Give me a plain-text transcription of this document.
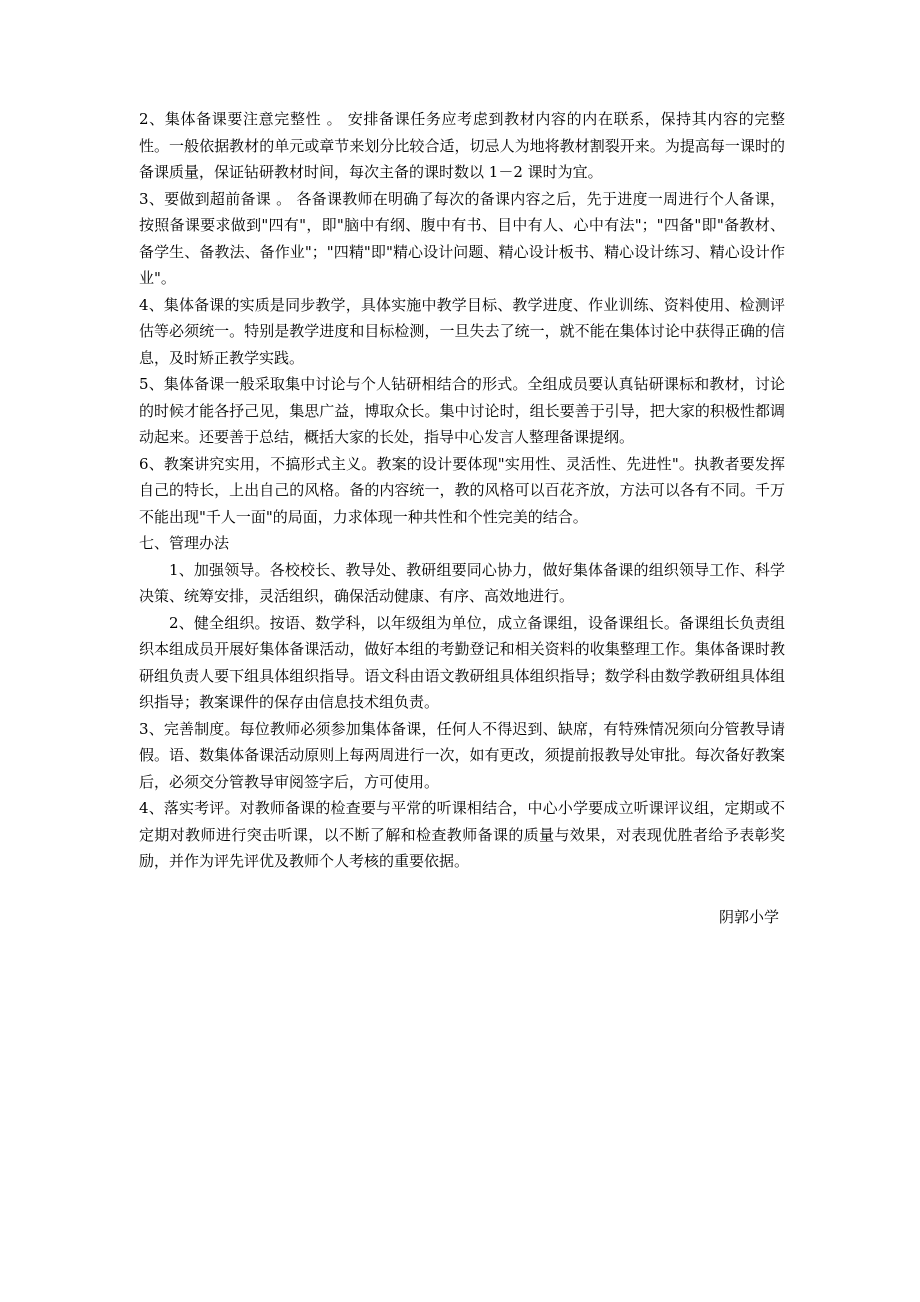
2、集体备课要注意完整性 。 安排备课任务应考虑到教材内容的内在联系，保持其内容的完整性。一般依据教材的单元或章节来划分比较合适，切忌人为地将教材割裂开来。为提高每一课时的备课质量，保证钻研教材时间，每次主备的课时数以 1－2 课时为宜。

3、要做到超前备课 。 各备课教师在明确了每次的备课内容之后，先于进度一周进行个人备课，按照备课要求做到"四有"，即"脑中有纲、腹中有书、目中有人、心中有法"；"四备"即"备教材、备学生、备教法、备作业"；"四精"即"精心设计问题、精心设计板书、精心设计练习、精心设计作业"。

4、集体备课的实质是同步教学，具体实施中教学目标、教学进度、作业训练、资料使用、检测评估等必须统一。特别是教学进度和目标检测，一旦失去了统一，就不能在集体讨论中获得正确的信息，及时矫正教学实践。

5、集体备课一般采取集中讨论与个人钻研相结合的形式。全组成员要认真钻研课标和教材，讨论的时候才能各抒己见，集思广益，博取众长。集中讨论时，组长要善于引导，把大家的积极性都调动起来。还要善于总结，概括大家的长处，指导中心发言人整理备课提纲。

6、教案讲究实用，不搞形式主义。教案的设计要体现"实用性、灵活性、先进性"。执教者要发挥自己的特长，上出自己的风格。备的内容统一，教的风格可以百花齐放，方法可以各有不同。千万不能出现"千人一面"的局面，力求体现一种共性和个性完美的结合。

七、管理办法

1、加强领导。各校校长、教导处、教研组要同心协力，做好集体备课的组织领导工作、科学决策、统筹安排，灵活组织，确保活动健康、有序、高效地进行。

2、健全组织。按语、数学科，以年级组为单位，成立备课组，设备课组长。备课组长负责组织本组成员开展好集体备课活动，做好本组的考勤登记和相关资料的收集整理工作。集体备课时教研组负责人要下组具体组织指导。语文科由语文教研组具体组织指导；数学科由数学教研组具体组织指导；教案课件的保存由信息技术组负责。

3、完善制度。每位教师必须参加集体备课，任何人不得迟到、缺席，有特殊情况须向分管教导请假。语、数集体备课活动原则上每两周进行一次，如有更改，须提前报教导处审批。每次备好教案后，必须交分管教导审阅签字后，方可使用。

4、落实考评。对教师备课的检查要与平常的听课相结合，中心小学要成立听课评议组，定期或不定期对教师进行突击听课，以不断了解和检查教师备课的质量与效果，对表现优胜者给予表彰奖励，并作为评先评优及教师个人考核的重要依据。

阴郭小学
